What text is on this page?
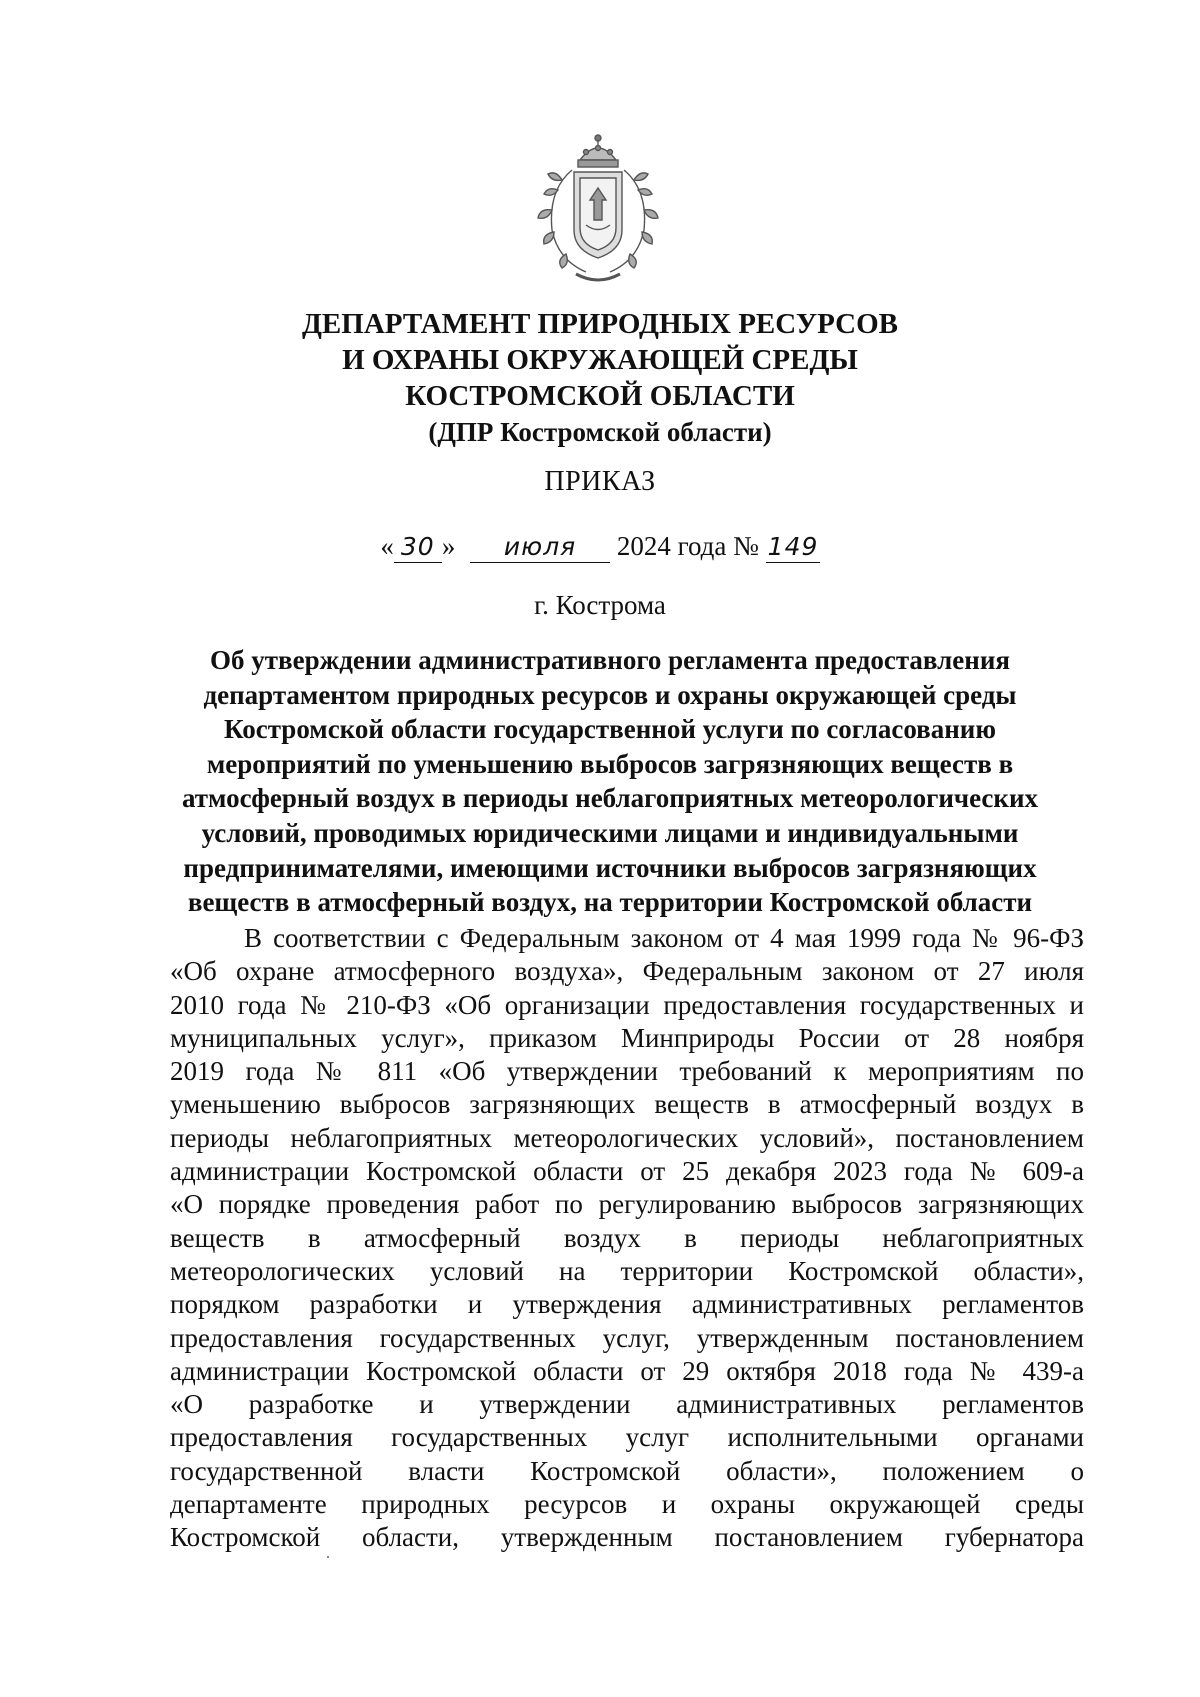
ДЕПАРТАМЕНТ ПРИРОДНЫХ РЕСУРСОВ
И ОХРАНЫ ОКРУЖАЮЩЕЙ СРЕДЫ
КОСТРОМСКОЙ ОБЛАСТИ
(ДПР Костромской области)
ПРИКАЗ
« 30 » июля 2024 года № 149
г. Кострома
Об утверждении административного регламента предоставления
департаментом природных ресурсов и охраны окружающей среды
Костромской области государственной услуги по согласованию
мероприятий по уменьшению выбросов загрязняющих веществ в
атмосферный воздух в периоды неблагоприятных метеорологических
условий, проводимых юридическими лицами и индивидуальными
предпринимателями, имеющими источники выбросов загрязняющих
веществ в атмосферный воздух, на территории Костромской области
В соответствии с Федеральным законом от 4 мая 1999 года № 96-ФЗ
«Об охране атмосферного воздуха», Федеральным законом от 27 июля
2010 года № 210-ФЗ «Об организации предоставления государственных и
муниципальных услуг», приказом Минприроды России от 28 ноября
2019 года № 811 «Об утверждении требований к мероприятиям по
уменьшению выбросов загрязняющих веществ в атмосферный воздух в
периоды неблагоприятных метеорологических условий», постановлением
администрации Костромской области от 25 декабря 2023 года № 609-а
«О порядке проведения работ по регулированию выбросов загрязняющих
веществ в атмосферный воздух в периоды неблагоприятных
метеорологических условий на территории Костромской области»,
порядком разработки и утверждения административных регламентов
предоставления государственных услуг, утвержденным постановлением
администрации Костромской области от 29 октября 2018 года № 439-а
«О разработке и утверждении административных регламентов
предоставления государственных услуг исполнительными органами
государственной власти Костромской области», положением о
департаменте природных ресурсов и охраны окружающей среды
Костромской области, утвержденным постановлением губернатора
